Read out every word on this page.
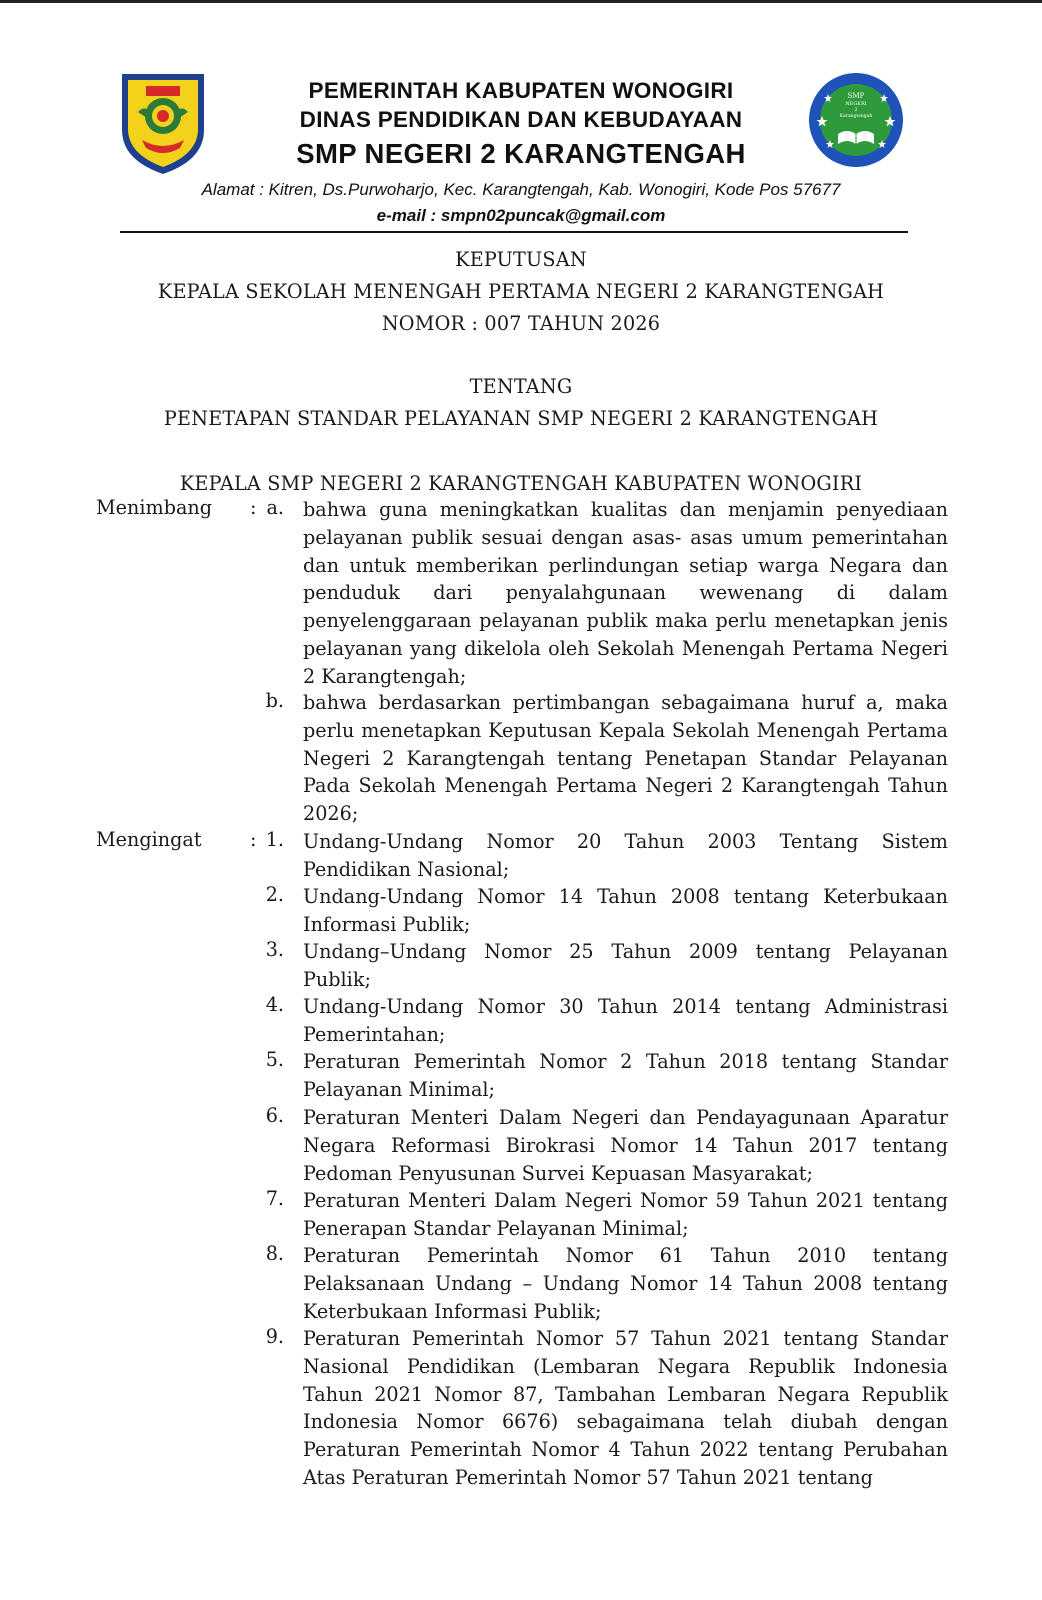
PEMERINTAH KABUPATEN WONOGIRI
DINAS PENDIDIKAN DAN KEBUDAYAAN
SMP NEGERI 2 KARANGTENGAH
SMP
NEGERI
2
Karangtengah
Alamat : Kitren, Ds.Purwoharjo, Kec. Karangtengah, Kab. Wonogiri, Kode Pos 57677
e-mail : smpn02puncak@gmail.com
KEPUTUSAN
KEPALA SEKOLAH MENENGAH PERTAMA NEGERI 2 KARANGTENGAH
NOMOR : 007 TAHUN 2026
TENTANG
PENETAPAN STANDAR PELAYANAN SMP NEGERI 2 KARANGTENGAH
KEPALA SMP NEGERI 2 KARANGTENGAH KABUPATEN WONOGIRI
Menimbang : a. bahwa guna meningkatkan kualitas dan menjamin penyediaan pelayanan publik sesuai dengan asas- asas umum pemerintahan dan untuk memberikan perlindungan setiap warga Negara dan penduduk dari penyalahgunaan wewenang di dalam penyelenggaraan pelayanan publik maka perlu menetapkan jenis pelayanan yang dikelola oleh Sekolah Menengah Pertama Negeri 2 Karangtengah;
b. bahwa berdasarkan pertimbangan sebagaimana huruf a, maka perlu menetapkan Keputusan Kepala Sekolah Menengah Pertama Negeri 2 Karangtengah tentang Penetapan Standar Pelayanan Pada Sekolah Menengah Pertama Negeri 2 Karangtengah Tahun 2026;
Mengingat	: 1. Undang-Undang Nomor 20 Tahun 2003 Tentang Sistem Pendidikan Nasional;
2. Undang-Undang Nomor 14 Tahun 2008 tentang Keterbukaan Informasi Publik;
3. Undang–Undang Nomor 25 Tahun 2009 tentang Pelayanan Publik;
4. Undang-Undang Nomor 30 Tahun 2014 tentang Administrasi Pemerintahan;
5. Peraturan Pemerintah Nomor 2 Tahun 2018 tentang Standar Pelayanan Minimal;
6. Peraturan Menteri Dalam Negeri dan Pendayagunaan Aparatur Negara Reformasi Birokrasi Nomor 14 Tahun 2017 tentang Pedoman Penyusunan Survei Kepuasan Masyarakat;
7. Peraturan Menteri Dalam Negeri Nomor 59 Tahun 2021 tentang Penerapan Standar Pelayanan Minimal;
8. Peraturan Pemerintah Nomor 61 Tahun 2010 tentang Pelaksanaan Undang – Undang Nomor 14 Tahun 2008 tentang Keterbukaan Informasi Publik;
9. Peraturan Pemerintah Nomor 57 Tahun 2021 tentang Standar Nasional Pendidikan (Lembaran Negara Republik Indonesia Tahun 2021 Nomor 87, Tambahan Lembaran Negara Republik Indonesia Nomor 6676) sebagaimana telah diubah dengan Peraturan Pemerintah Nomor 4 Tahun 2022 tentang Perubahan Atas Peraturan Pemerintah Nomor 57 Tahun 2021 tentang
